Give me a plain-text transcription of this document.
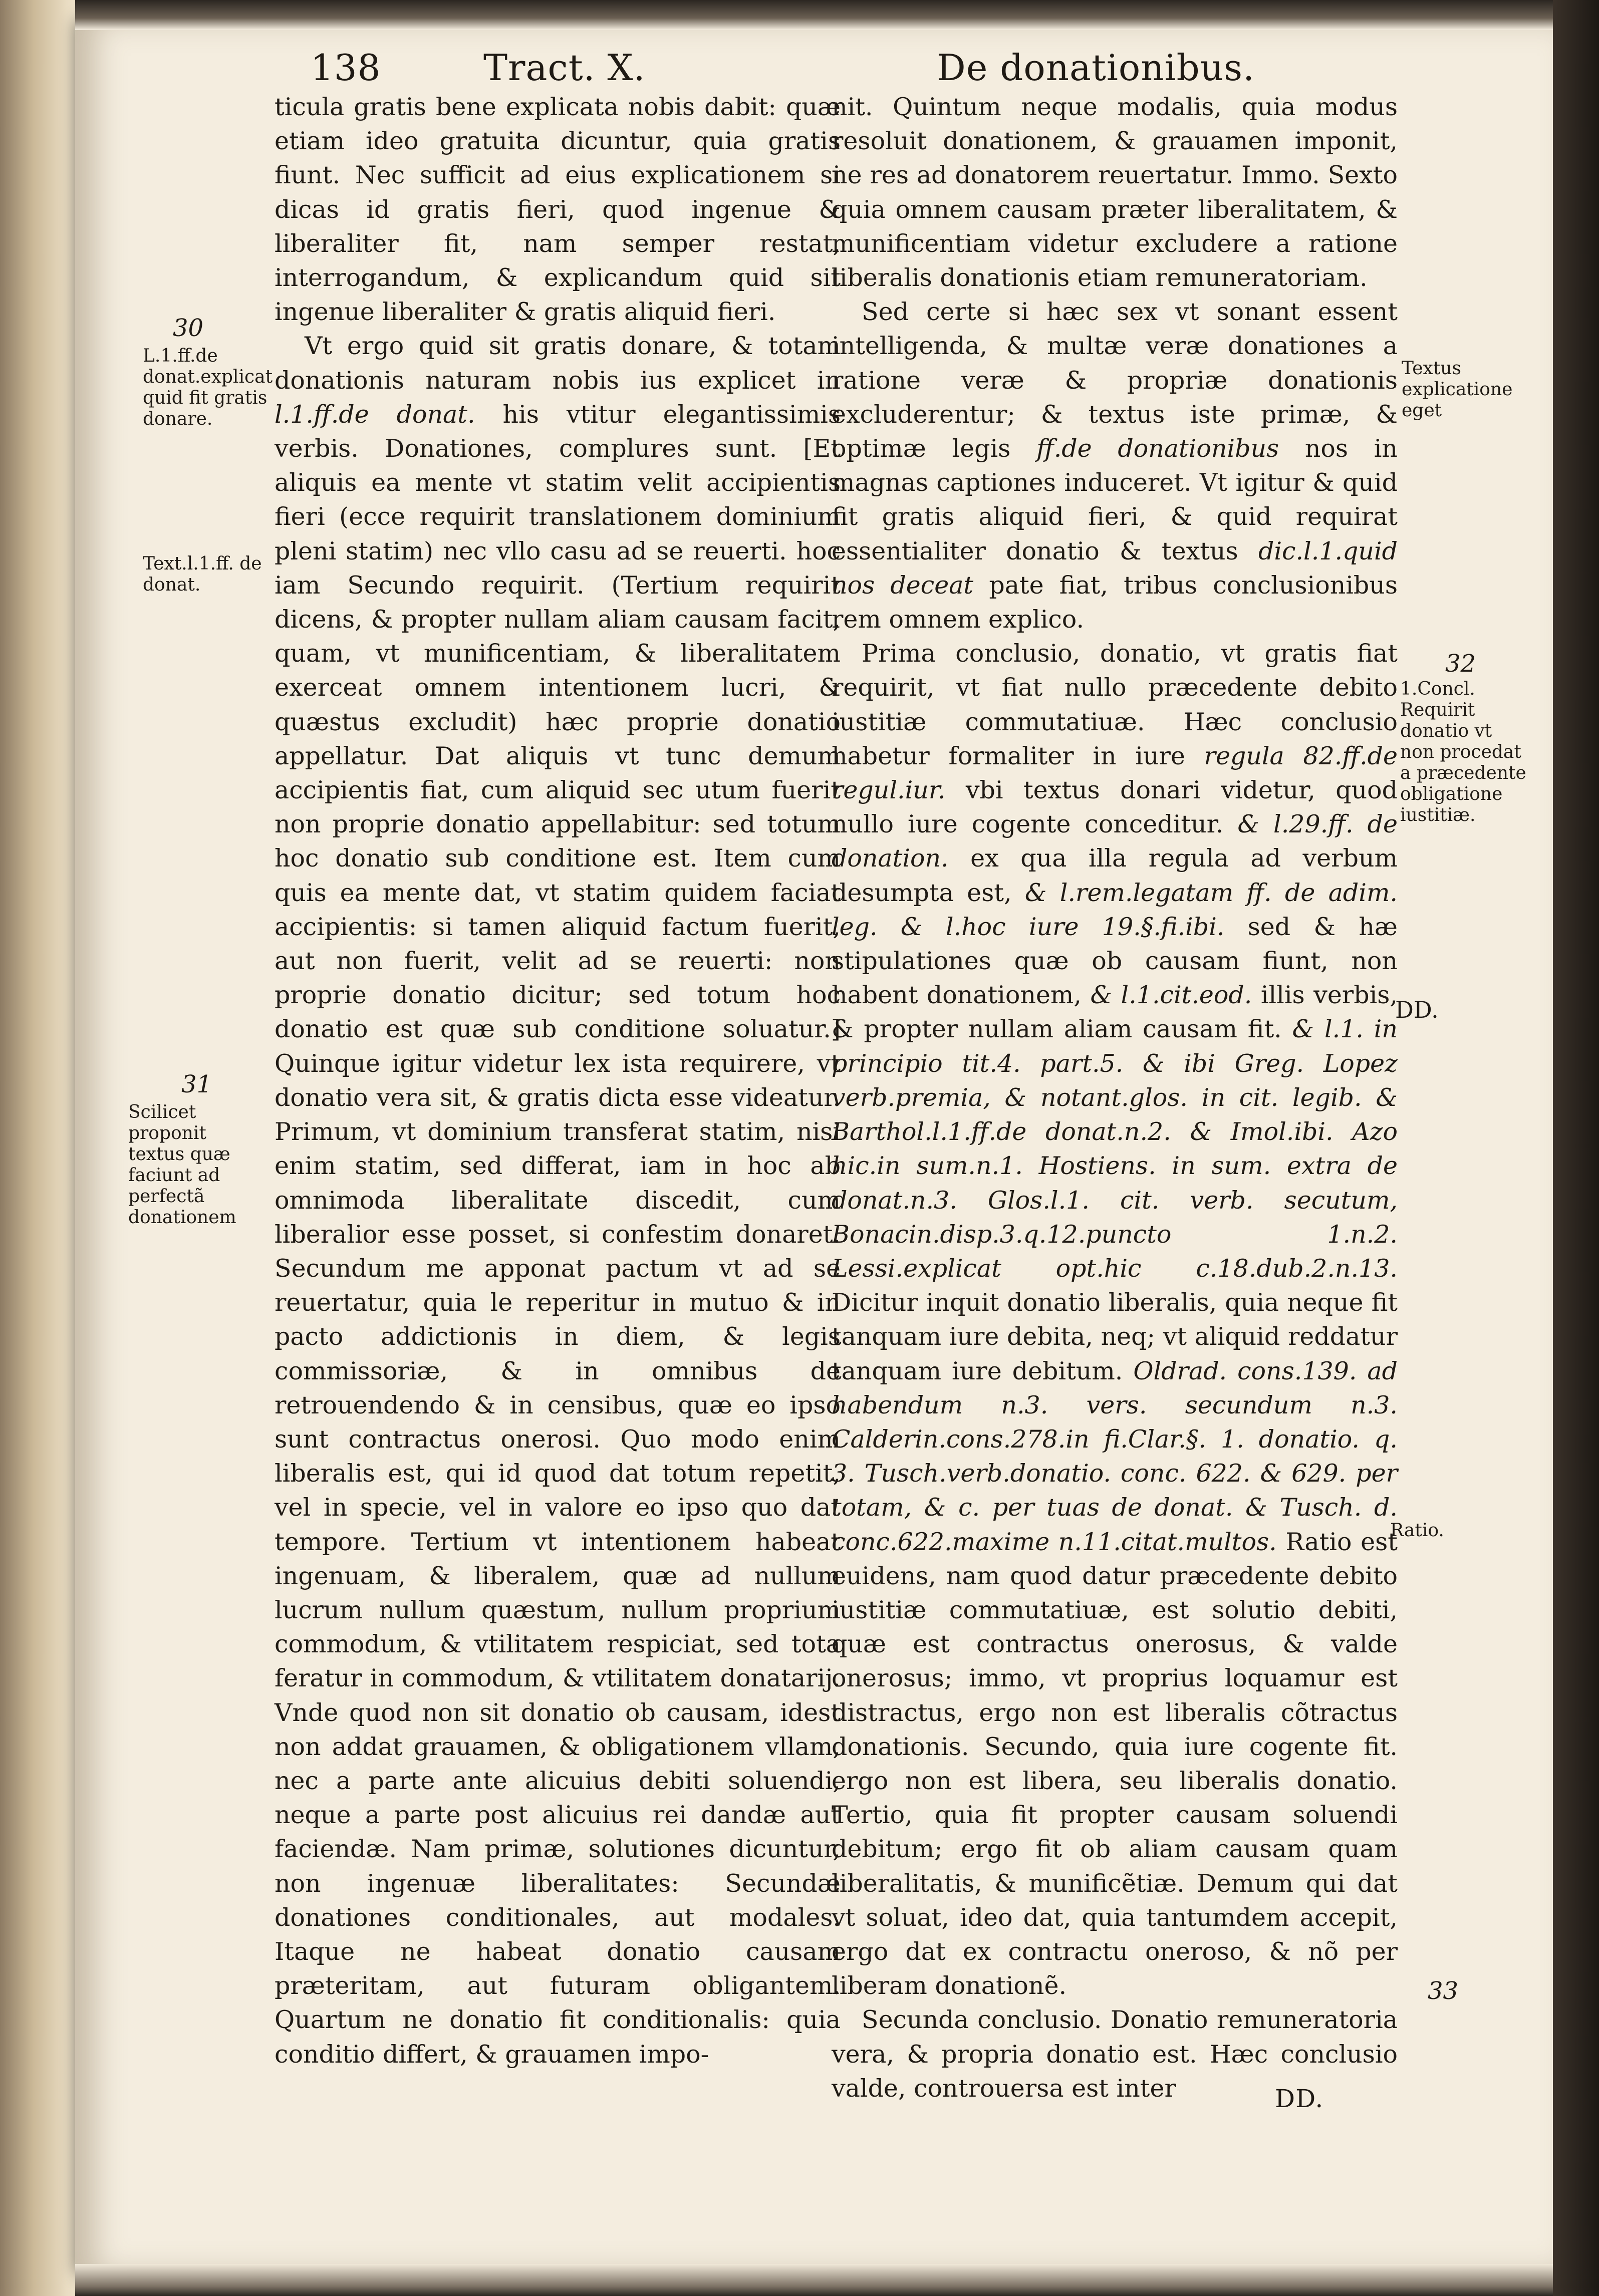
138	Tract. X.	De donationibus.

ticula gratis bene explicata nobis dabit: quæ etiam ideo gratuita dicuntur, quia gratis fiunt. Nec sufficit ad eius explicationem si dicas id gratis fieri, quod ingenue & liberaliter fit, nam semper restat, interrogandum, & explicandum quid sit ingenue liberaliter & gratis aliquid fieri.

Vt ergo quid sit gratis donare, & totam donationis naturam nobis ius explicet in l.1.ff.de donat. his vtitur elegantissimis verbis. Donationes, complures sunt. [Et aliquis ea mente vt statim velit accipientis fieri (ecce requirit translationem dominium pleni statim) nec vllo casu ad se reuerti. hoc iam Secundo requirit. (Tertium requirit dicens, & propter nullam aliam causam facit, quam, vt munificentiam, & liberalitatem exerceat omnem intentionem lucri, & quæstus excludit) hæc proprie donatio appellatur. Dat aliquis vt tunc demum accipientis fiat, cum aliquid sec utum fuerit non proprie donatio appellabitur: sed totum hoc donatio sub conditione est. Item cum quis ea mente dat, vt statim quidem faciat accipientis: si tamen aliquid factum fuerit, aut non fuerit, velit ad se reuerti: non proprie donatio dicitur; sed totum hoc donatio est quæ sub conditione soluatur.] Quinque igitur videtur lex ista requirere, vt donatio vera sit, & gratis dicta esse videatur. Primum, vt dominium transferat statim, nisi enim statim, sed differat, iam in hoc ab omnimoda liberalitate discedit, cum liberalior esse posset, si confestim donaret. Secundum me apponat pactum vt ad se reuertatur, quia le reperitur in mutuo & in pacto addictionis in diem, & legis commissoriæ, & in omnibus de retrouendendo & in censibus, quæ eo ipso sunt contractus onerosi. Quo modo enim liberalis est, qui id quod dat totum repetit, vel in specie, vel in valore eo ipso quo dat tempore. Tertium vt intentionem habeat ingenuam, & liberalem, quæ ad nullum lucrum nullum quæstum, nullum proprium commodum, & vtilitatem respiciat, sed tota feratur in commodum, & vtilitatem donatarij. Vnde quod non sit donatio ob causam, idest non addat grauamen, & obligationem vllam, nec a parte ante alicuius debiti soluendi, neque a parte post alicuius rei dandæ aut faciendæ. Nam primæ, solutiones dicuntur, non ingenuæ liberalitates: Secundæ donationes conditionales, aut modales. Itaque ne habeat donatio causam præteritam, aut futuram obligantem. Quartum ne donatio fit conditionalis: quia conditio differt, & grauamen impo-

nit. Quintum neque modalis, quia modus resoluit donationem, & grauamen imponit, ne res ad donatorem reuertatur. Immo. Sexto quia omnem causam præter liberalitatem, & munificentiam videtur excludere a ratione liberalis donationis etiam remuneratoriam.

Sed certe si hæc sex vt sonant essent intelligenda, & multæ veræ donationes a ratione veræ & propriæ donationis excluderentur; & textus iste primæ, & optimæ legis ff.de donationibus nos in magnas captiones induceret. Vt igitur & quid fit gratis aliquid fieri, & quid requirat essentialiter donatio & textus dic.l.1.quid nos deceat pate fiat, tribus conclusionibus rem omnem explico.

Prima conclusio, donatio, vt gratis fiat requirit, vt fiat nullo præcedente debito iustitiæ commutatiuæ. Hæc conclusio habetur formaliter in iure regula 82.ff.de regul.iur. vbi textus donari videtur, quod nullo iure cogente conceditur. & l.29.ff. de donation. ex qua illa regula ad verbum desumpta est, & l.rem.legatam ff. de adim. leg. & l.hoc iure 19.§.fi.ibi. sed & hæ stipulationes quæ ob causam fiunt, non habent donationem, & l.1.cit.eod. illis verbis, & propter nullam aliam causam fit. & l.1. in principio tit.4. part.5. & ibi Greg. Lopez verb.premia, & notant.glos. in cit. legib. & Barthol.l.1.ff.de donat.n.2. & Imol.ibi. Azo hic.in sum.n.1. Hostiens. in sum. extra de donat.n.3. Glos.l.1. cit. verb. secutum, Bonacin.disp.3.q.12.puncto 1.n.2. Lessi.explicat opt.hic c.18.dub.2.n.13. Dicitur inquit donatio liberalis, quia neque fit tanquam iure debita, neq; vt aliquid reddatur tanquam iure debitum. Oldrad. cons.139. ad habendum n.3. vers. secundum n.3. Calderin.cons.278.in fi.Clar.§. 1. donatio. q. 3. Tusch.verb.donatio. conc. 622. & 629. per totam, & c. per tuas de donat. & Tusch. d. conc.622.maxime n.11.citat.multos. Ratio est euidens, nam quod datur præcedente debito iustitiæ commutatiuæ, est solutio debiti, quæ est contractus onerosus, & valde onerosus; immo, vt proprius loquamur est distractus, ergo non est liberalis cõtractus donationis. Secundo, quia iure cogente fit. ergo non est libera, seu liberalis donatio. Tertio, quia fit propter causam soluendi debitum; ergo fit ob aliam causam quam liberalitatis, & munificẽtiæ. Demum qui dat vt soluat, ideo dat, quia tantumdem accepit, ergo dat ex contractu oneroso, & nõ per liberam donationẽ.

Secunda conclusio. Donatio remuneratoria vera, & propria donatio est. Hæc conclusio valde, controuersa est inter	DD.
30
L.1.ff.de donat.explicat quid fit gratis donare.
Text.l.1.ff. de donat.
31
Scilicet proponit textus quæ faciunt ad perfectã donationem
Textus explicatione eget
32
1.Concl. Requirit donatio vt non procedat a præcedente obligatione iustitiæ.
DD.
Ratio.
33
